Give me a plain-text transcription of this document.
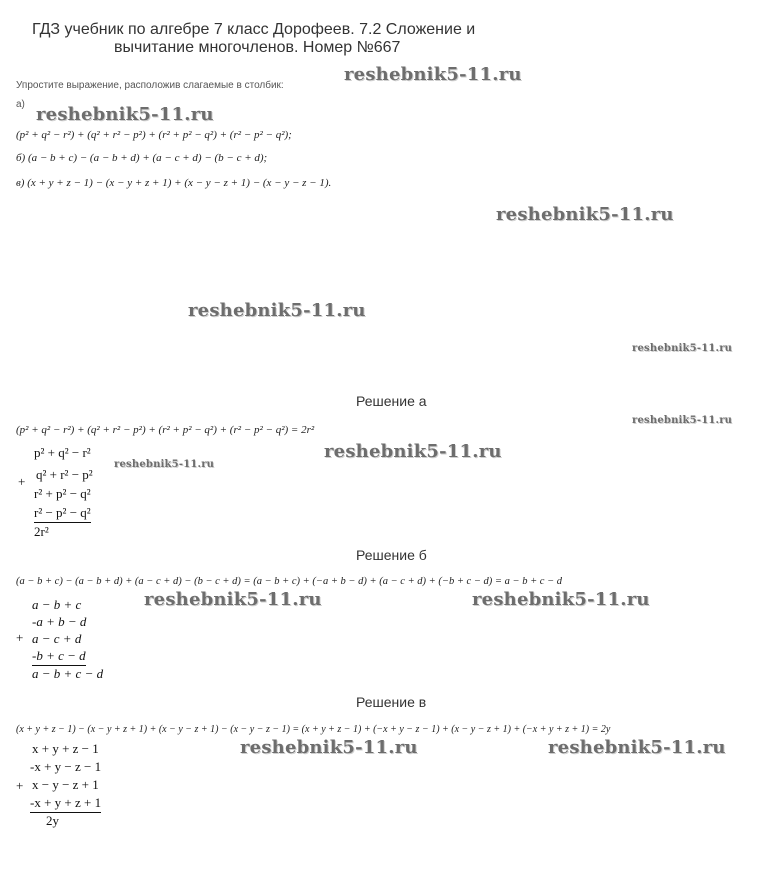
ГДЗ учебник по алгебре 7 класс Дорофеев. 7.2 Сложение и
вычитание многочленов. Номер №667
Упростите выражение, расположив слагаемые в столбик:
а)
(p² + q² − r²) + (q² + r² − p²) + (r² + p² − q²) + (r² − p² − q²);
б) (a − b + c) − (a − b + d) + (a − c + d) − (b − c + d);
в) (x + y + z − 1) − (x − y + z + 1) + (x − y − z + 1) − (x − y − z − 1).
Решение а
(p² + q² − r²) + (q² + r² − p²) + (r² + p² − q²) + (r² − p² − q²) = 2r²
+
p² + q² − r²
q² + r² − p²
r² + p² − q²
r² − p² − q²
2r²
Решение б
(a − b + c) − (a − b + d) + (a − c + d) − (b − c + d) = (a − b + c) + (−a + b − d) + (a − c + d) + (−b + c − d) = a − b + c − d
+
a − b + c
-a + b − d
a − c + d
-b + c − d
a − b + c − d
Решение в
(x + y + z − 1) − (x − y + z + 1) + (x − y − z + 1) − (x − y − z − 1) = (x + y + z − 1) + (−x + y − z − 1) + (x − y − z + 1) + (−x + y + z + 1) = 2y
+
x + y + z − 1
-x + y − z − 1
x − y − z + 1
-x + y + z + 1
2y
reshebnik5-11.ru
reshebnik5-11.ru
reshebnik5-11.ru
reshebnik5-11.ru
reshebnik5-11.ru
reshebnik5-11.ru
reshebnik5-11.ru
reshebnik5-11.ru
reshebnik5-11.ru	reshebnik5-11.ru
reshebnik5-11.ru	reshebnik5-11.ru
